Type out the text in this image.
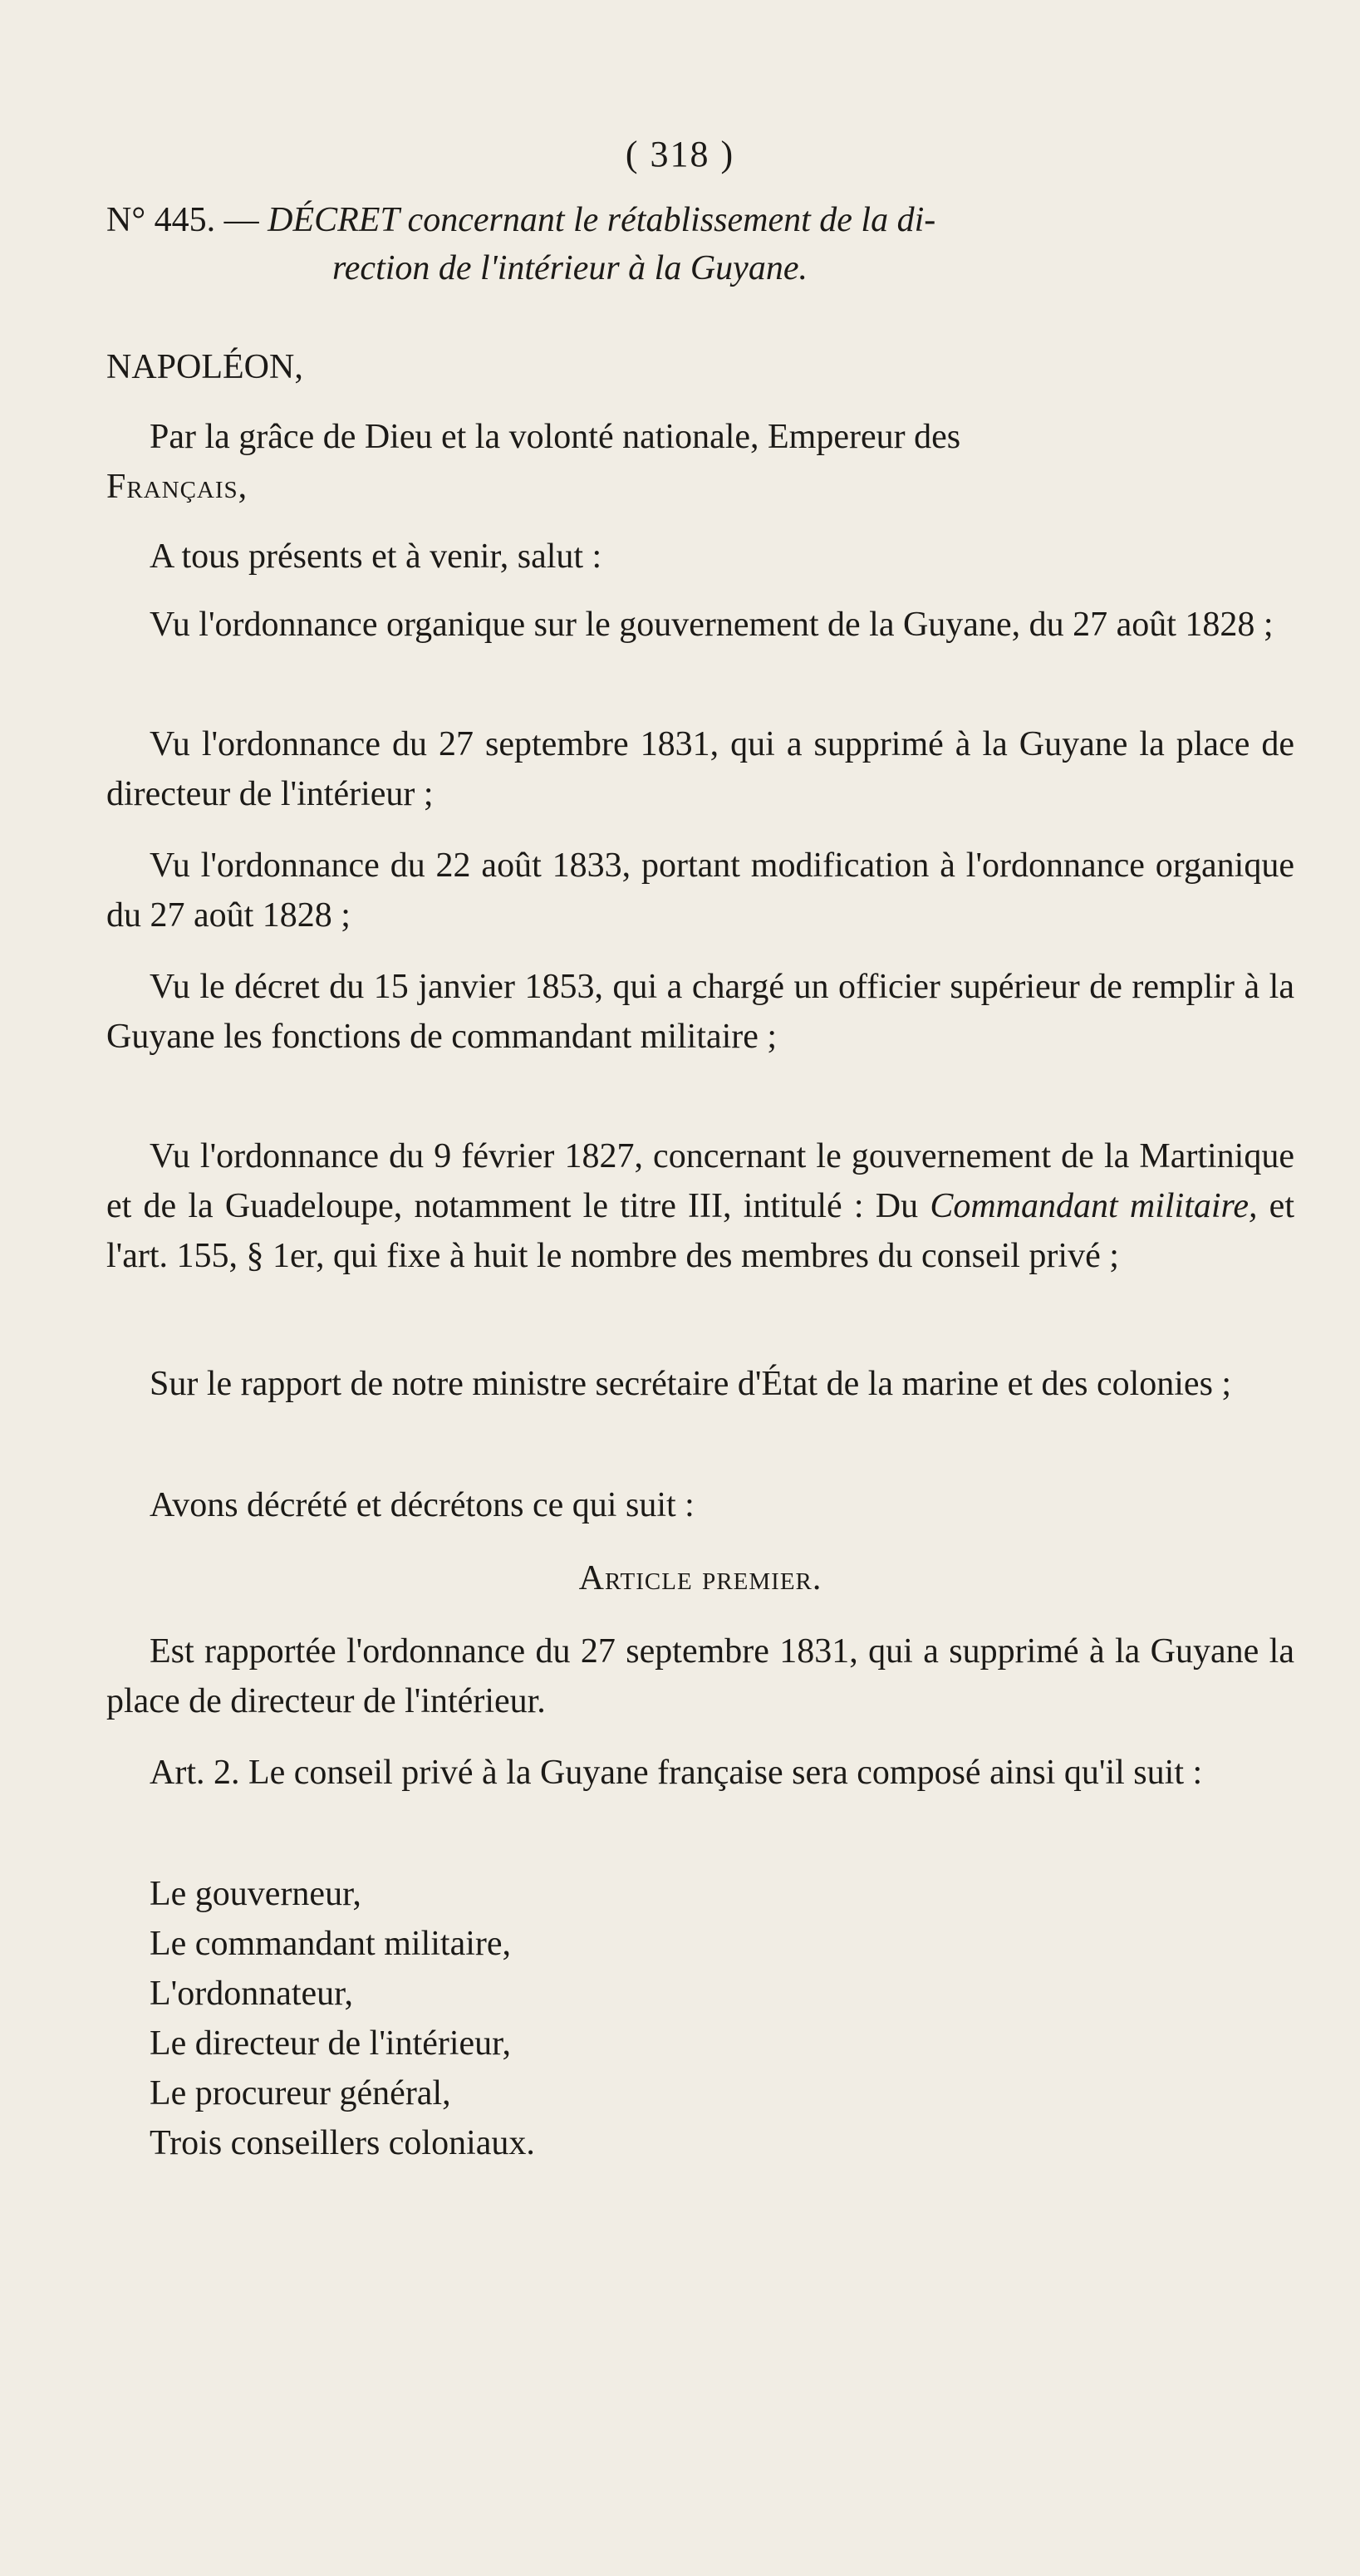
( 318 )
N° 445. — DÉCRET concernant le rétablissement de la di-
rection de l'intérieur à la Guyane.
NAPOLÉON,
Par la grâce de Dieu et la volonté nationale, Empereur des
Français,
A tous présents et à venir, salut :
Vu l'ordonnance organique sur le gouvernement de la Guyane, du 27 août 1828 ;
Vu l'ordonnance du 27 septembre 1831, qui a supprimé à la Guyane la place de directeur de l'intérieur ;
Vu l'ordonnance du 22 août 1833, portant modification à l'ordonnance organique du 27 août 1828 ;
Vu le décret du 15 janvier 1853, qui a chargé un officier supérieur de remplir à la Guyane les fonctions de commandant militaire ;
Vu l'ordonnance du 9 février 1827, concernant le gouvernement de la Martinique et de la Guadeloupe, notamment le titre III, intitulé : Du Commandant militaire, et l'art. 155, § 1er, qui fixe à huit le nombre des membres du conseil privé ;
Sur le rapport de notre ministre secrétaire d'État de la marine et des colonies ;
Avons décrété et décrétons ce qui suit :
Article premier.
Est rapportée l'ordonnance du 27 septembre 1831, qui a supprimé à la Guyane la place de directeur de l'intérieur.
Art. 2. Le conseil privé à la Guyane française sera composé ainsi qu'il suit :
Le gouverneur,
Le commandant militaire,
L'ordonnateur,
Le directeur de l'intérieur,
Le procureur général,
Trois conseillers coloniaux.
